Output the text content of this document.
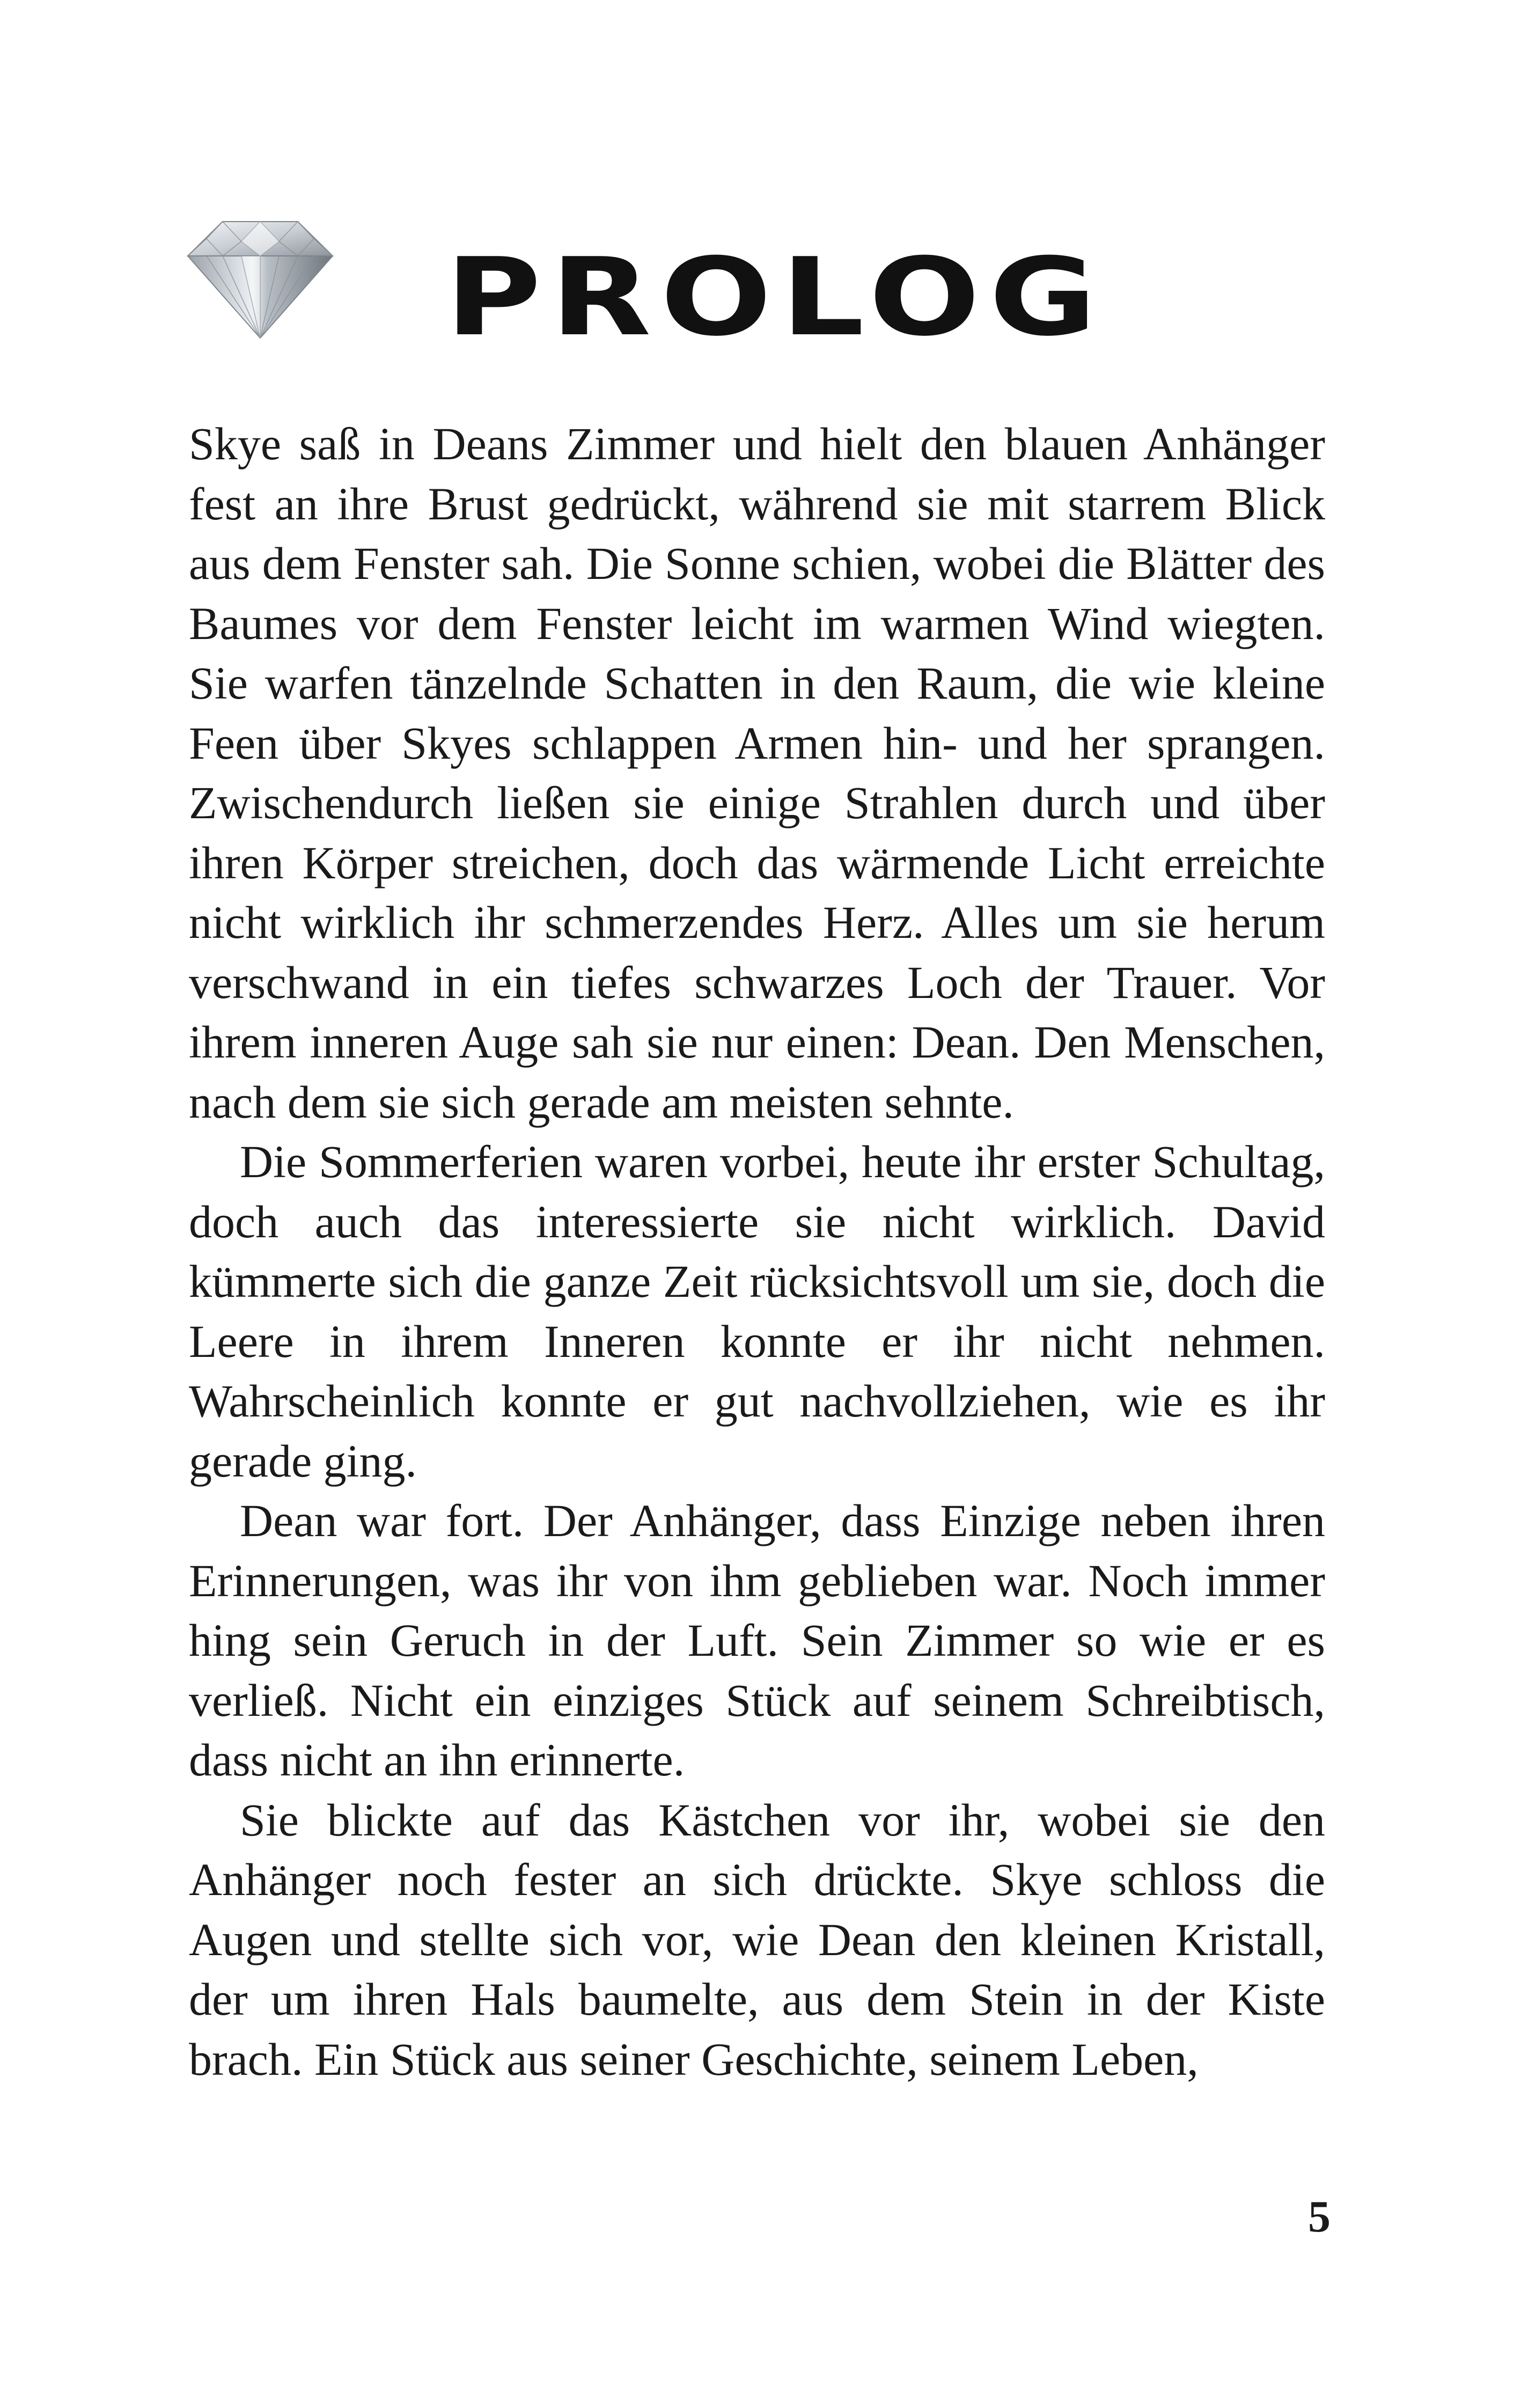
PROLOG

Skye saß in Deans Zimmer und hielt den blauen Anhänger fest an ihre Brust gedrückt, während sie mit starrem Blick aus dem Fenster sah. Die Sonne schien, wobei die Blätter des Baumes vor dem Fenster leicht im warmen Wind wiegten. Sie warfen tänzelnde Schatten in den Raum, die wie kleine Feen über Skyes schlappen Armen hin- und her sprangen. Zwischendurch ließen sie einige Strahlen durch und über ihren Körper streichen, doch das wärmende Licht erreichte nicht wirklich ihr schmerzendes Herz. Alles um sie herum verschwand in ein tiefes schwarzes Loch der Trauer. Vor ihrem inneren Auge sah sie nur einen: Dean. Den Menschen, nach dem sie sich gerade am meisten sehnte.

Die Sommerferien waren vorbei, heute ihr erster Schultag, doch auch das interessierte sie nicht wirklich. David kümmerte sich die ganze Zeit rücksichtsvoll um sie, doch die Leere in ihrem Inneren konnte er ihr nicht nehmen. Wahrscheinlich konnte er gut nachvollziehen, wie es ihr gerade ging.

Dean war fort. Der Anhänger, dass Einzige neben ihren Erinnerungen, was ihr von ihm geblieben war. Noch immer hing sein Geruch in der Luft. Sein Zimmer so wie er es verließ. Nicht ein einziges Stück auf seinem Schreibtisch, dass nicht an ihn erinnerte.

Sie blickte auf das Kästchen vor ihr, wobei sie den Anhänger noch fester an sich drückte. Skye schloss die Augen und stellte sich vor, wie Dean den kleinen Kristall, der um ihren Hals baumelte, aus dem Stein in der Kiste brach. Ein Stück aus seiner Geschichte, seinem Leben,

5
